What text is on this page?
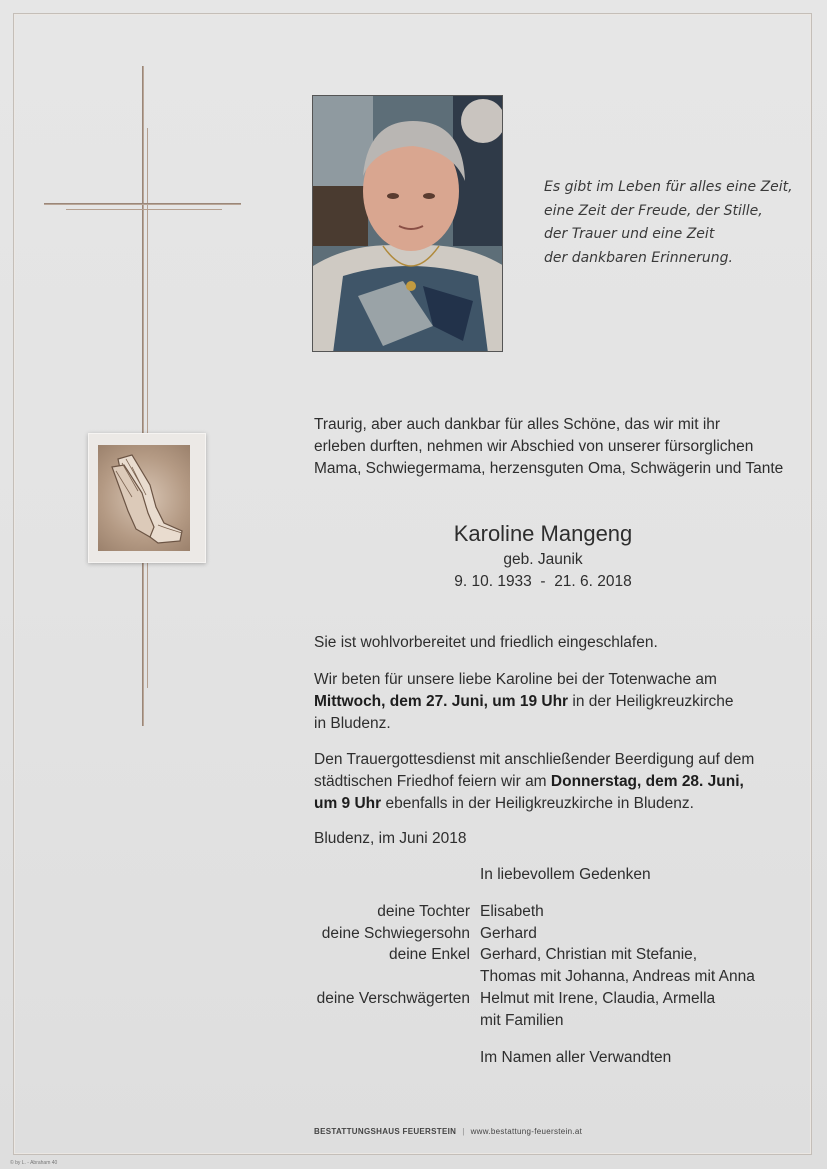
Es gibt im Leben für alles eine Zeit,
eine Zeit der Freude, der Stille,
der Trauer und eine Zeit
der dankbaren Erinnerung.
Traurig, aber auch dankbar für alles Schöne, das wir mit ihr
erleben durften, nehmen wir Abschied von unserer fürsorglichen
Mama, Schwiegermama, herzensguten Oma, Schwägerin und Tante
Karoline Mangeng
geb. Jaunik
9. 10. 1933  -  21. 6. 2018
Sie ist wohlvorbereitet und friedlich eingeschlafen.
Wir beten für unsere liebe Karoline bei der Totenwache am
Mittwoch, dem 27. Juni, um 19 Uhr in der Heiligkreuzkirche
in Bludenz.
Den Trauergottesdienst mit anschließender Beerdigung auf dem
städtischen Friedhof feiern wir am Donnerstag, dem 28. Juni,
um 9 Uhr ebenfalls in der Heiligkreuzkirche in Bludenz.
Bludenz, im Juni 2018
In liebevollem Gedenken
deine Tochter Elisabeth
deine Schwiegersohn Gerhard
deine Enkel Gerhard, Christian mit Stefanie,
Thomas mit Johanna, Andreas mit Anna
deine Verschwägerten Helmut mit Irene, Claudia, Armella
mit Familien
Im Namen aller Verwandten
BESTATTUNGSHAUS FEUERSTEIN | www.bestattung-feuerstein.at
© by L. - Abraham 40
